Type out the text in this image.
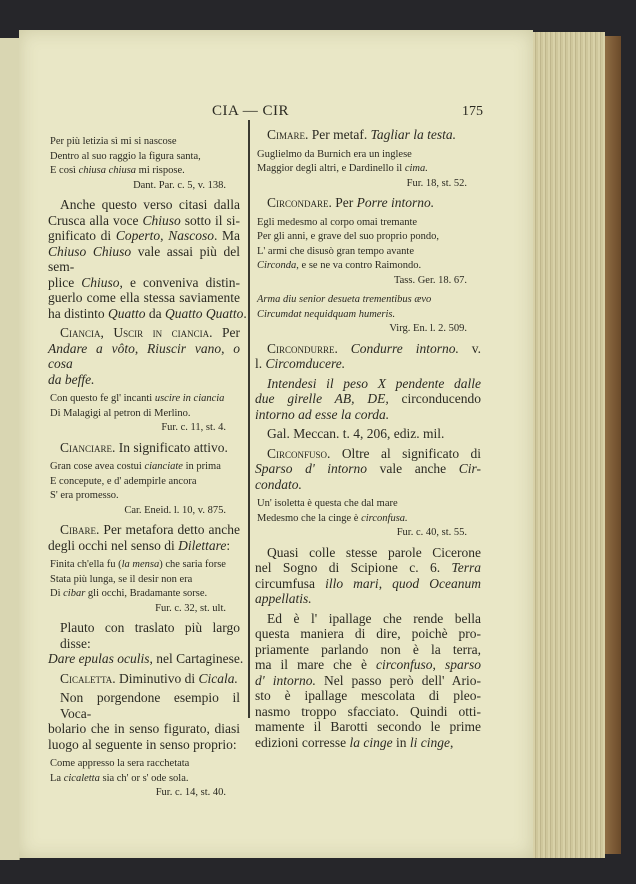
CIA — CIR	175
Per più letizia sì mi si nascose
Dentro al suo raggio la figura santa,
E così chiusa chiusa mi rispose.
Dant. Par. c. 5, v. 138.
Anche questo verso citasi dalla
Crusca alla voce Chiuso sotto il si-
gnificato di Coperto, Nascoso. Ma
Chiuso Chiuso vale assai più del sem-
plice Chiuso, e conveniva distin-
guerlo come ella stessa saviamente
ha distinto Quatto da Quatto Quatto.
Ciancia, Uscir in ciancia. Per
Andare a vôto, Riuscir vano, o cosa
da beffe.
Con questo fe gl' incanti uscire in ciancia
Di Malagigi al petron di Merlino.
Fur. c. 11, st. 4.
Cianciare. In significato attivo.
Gran cose avea costui cianciate in prima
E concepute, e d' adempirle ancora
S' era promesso.
Car. Eneid. l. 10, v. 875.
Cibare. Per metafora detto anche
degli occhi nel senso di Dilettare:
Finita ch'ella fu (la mensa) che saria forse
Stata più lunga, se il desir non era
Di cibar gli occhi, Bradamante sorse.
Fur. c. 32, st. ult.
Plauto con traslato più largo disse:
Dare epulas oculis, nel Cartaginese.
Cicaletta. Diminutivo di Cicala.
Non porgendone esempio il Voca-
bolario che in senso figurato, diasi
luogo al seguente in senso proprio:
Come appresso la sera racchetata
La cicaletta sia ch' or s' ode sola.
Fur. c. 14, st. 40.
Cimare. Per metaf. Tagliar la testa.
Guglielmo da Burnich era un inglese
Maggior degli altri, e Dardinello il cima.
Fur. 18, st. 52.
Circondare. Per Porre intorno.
Egli medesmo al corpo omai tremante
Per gli anni, e grave del suo proprio pondo,
L' armi che disusò gran tempo avante
Circonda, e se ne va contro Raimondo.
Tass. Ger. 18. 67.
Arma diu senior desueta trementibus ævo
Circumdat nequidquam humeris.
Virg. En. l. 2. 509.
Circondurre. Condurre intorno. v.
l. Circomducere.
Intendesi il peso X pendente dalle
due girelle AB, DE, circonducendo
intorno ad esse la corda.
Gal. Meccan. t. 4, 206, ediz. mil.
Circonfuso. Oltre al significato di
Sparso d' intorno vale anche Cir-
condato.
Un' isoletta è questa che dal mare
Medesmo che la cinge è circonfusa.
Fur. c. 40, st. 55.
Quasi colle stesse parole Cicerone
nel Sogno di Scipione c. 6. Terra
circumfusa illo mari, quod Oceanum
appellatis.
Ed è l' ipallage che rende bella
questa maniera di dire, poichè pro-
priamente parlando non è la terra,
ma il mare che è circonfuso, sparso
d' intorno. Nel passo però dell' Ario-
sto è ipallage mescolata di pleo-
nasmo troppo sfacciato. Quindi otti-
mamente il Barotti secondo le prime
edizioni corresse la cinge in li cinge,
